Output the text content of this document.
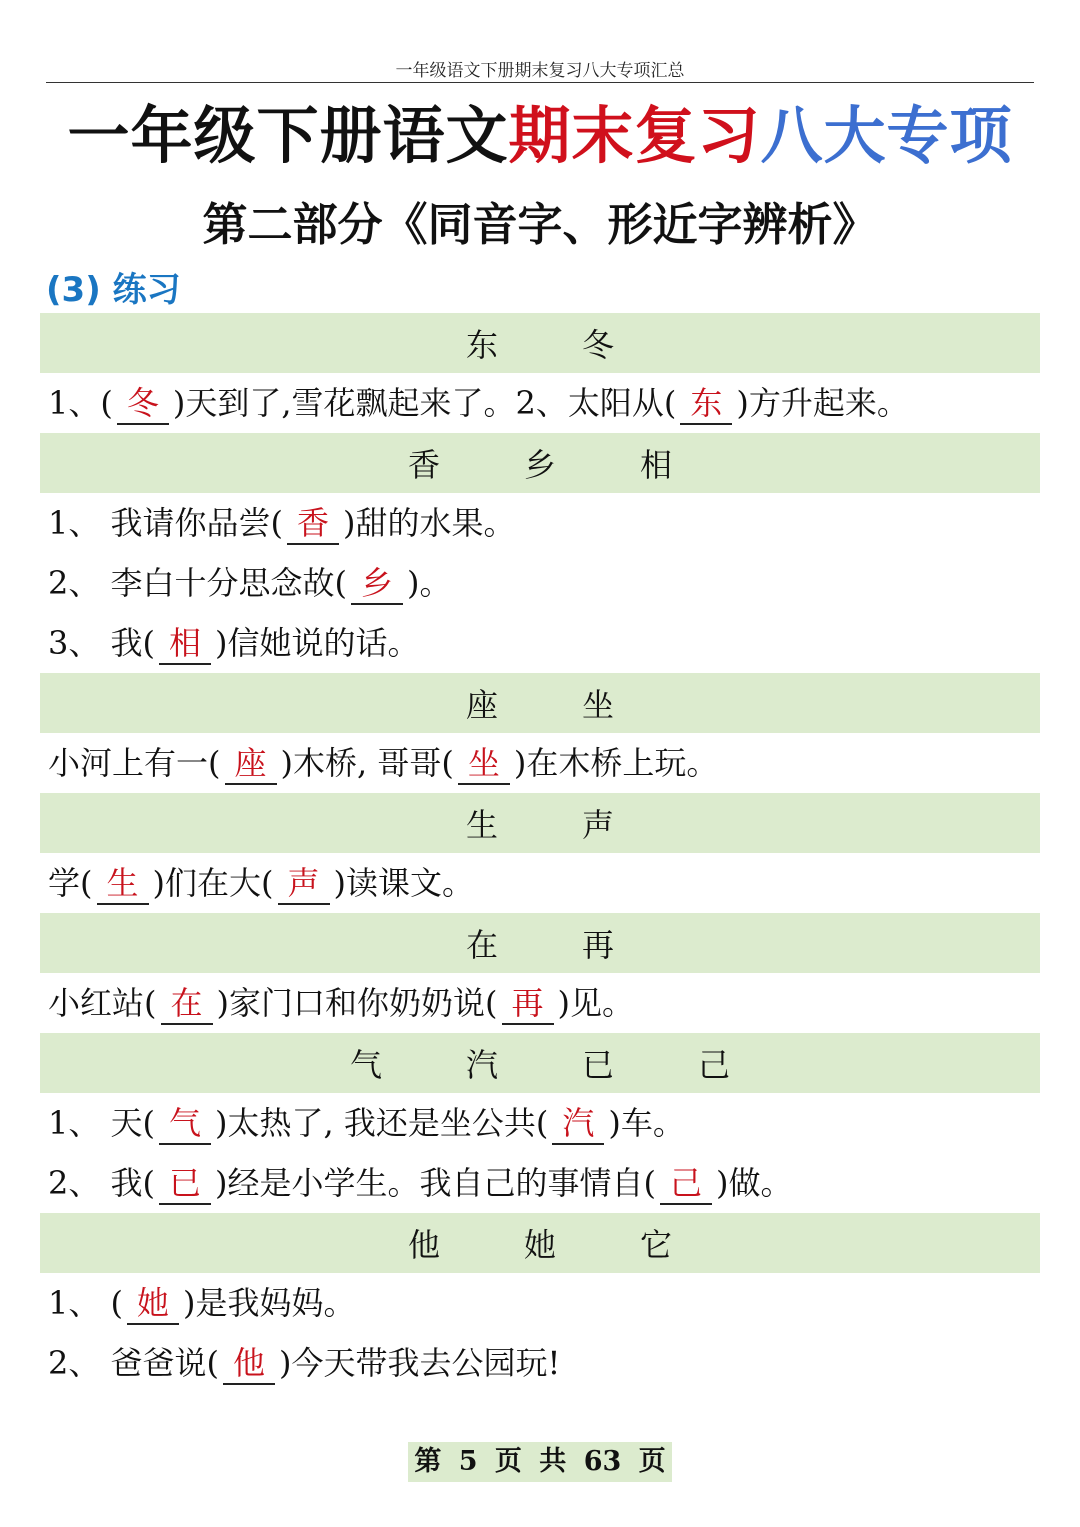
一年级语文下册期末复习八大专项汇总
一年级下册语文期末复习八大专项
第二部分《同音字、形近字辨析》
(3) 练习
东	冬
1、( 冬 )天到了,雪花飘起来了。2、太阳从( 东 )方升起来。
香	乡	相
1、 我请你品尝( 香 )甜的水果。
2、 李白十分思念故( 乡 )。
3、 我( 相 )信她说的话。
座	坐
小河上有一( 座 )木桥, 哥哥( 坐 )在木桥上玩。
生	声
学( 生 )们在大( 声 )读课文。
在	再
小红站( 在 )家门口和你奶奶说( 再 )见。
气	汽	已	己
1、 天( 气 )太热了, 我还是坐公共( 汽 )车。
2、 我( 已 )经是小学生。我自己的事情自( 己 )做。
他	她	它
1、 ( 她 )是我妈妈。
2、 爸爸说( 他 )今天带我去公园玩!
第 5 页 共 63 页
